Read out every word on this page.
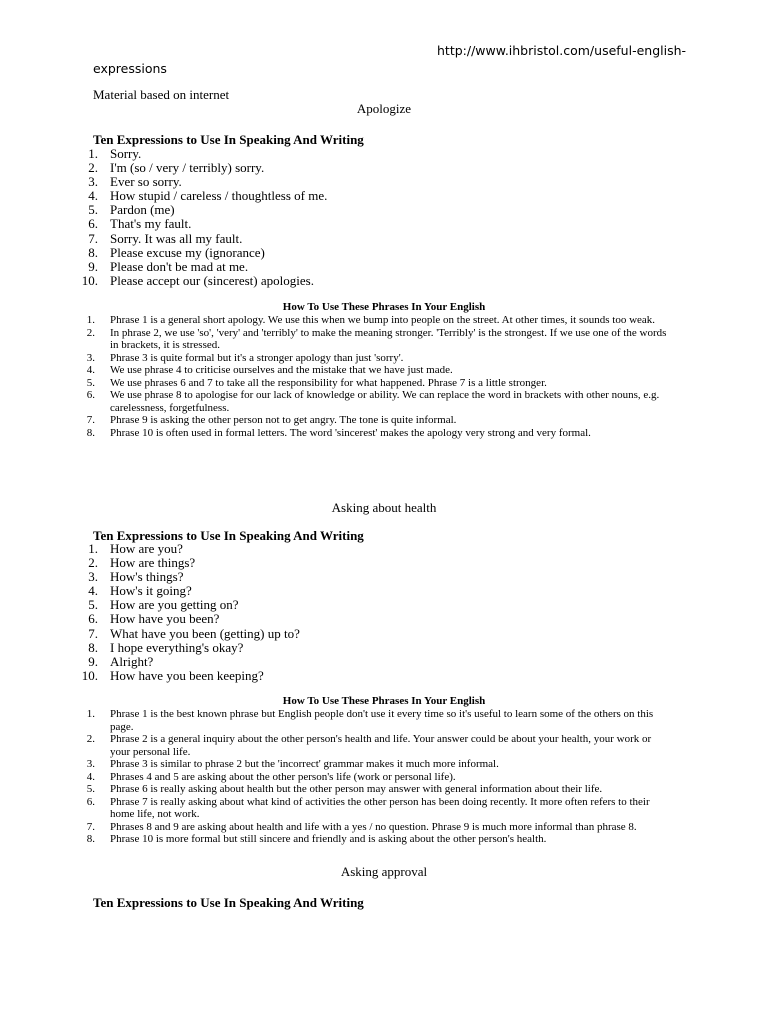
http://www.ihbristol.com/useful-english-

expressions

Material based on internet

Apologize

Ten Expressions to Use In Speaking And Writing

1. Sorry.
2. I'm (so / very / terribly) sorry.
3. Ever so sorry.
4. How stupid / careless / thoughtless of me.
5. Pardon (me)
6. That's my fault.
7. Sorry. It was all my fault.
8. Please excuse my (ignorance)
9. Please don't be mad at me.
10. Please accept our (sincerest) apologies.

How To Use These Phrases In Your English

1. Phrase 1 is a general short apology. We use this when we bump into people on the street. At other times, it sounds too weak.
2. In phrase 2, we use 'so', 'very' and 'terribly' to make the meaning stronger. 'Terribly' is the strongest. If we use one of the words in brackets, it is stressed.
3. Phrase 3 is quite formal but it's a stronger apology than just 'sorry'.
4. We use phrase 4 to criticise ourselves and the mistake that we have just made.
5. We use phrases 6 and 7 to take all the responsibility for what happened. Phrase 7 is a little stronger.
6. We use phrase 8 to apologise for our lack of knowledge or ability. We can replace the word in brackets with other nouns, e.g. carelessness, forgetfulness.
7. Phrase 9 is asking the other person not to get angry. The tone is quite informal.
8. Phrase 10 is often used in formal letters. The word 'sincerest' makes the apology very strong and very formal.

Asking about health

Ten Expressions to Use In Speaking And Writing

1. How are you?
2. How are things?
3. How's things?
4. How's it going?
5. How are you getting on?
6. How have you been?
7. What have you been (getting) up to?
8. I hope everything's okay?
9. Alright?
10. How have you been keeping?

How To Use These Phrases In Your English

1. Phrase 1 is the best known phrase but English people don't use it every time so it's useful to learn some of the others on this page.
2. Phrase 2 is a general inquiry about the other person's health and life. Your answer could be about your health, your work or your personal life.
3. Phrase 3 is similar to phrase 2 but the 'incorrect' grammar makes it much more informal.
4. Phrases 4 and 5 are asking about the other person's life (work or personal life).
5. Phrase 6 is really asking about health but the other person may answer with general information about their life.
6. Phrase 7 is really asking about what kind of activities the other person has been doing recently. It more often refers to their home life, not work.
7. Phrases 8 and 9 are asking about health and life with a yes / no question. Phrase 9 is much more informal than phrase 8.
8. Phrase 10 is more formal but still sincere and friendly and is asking about the other person's health.

Asking approval

Ten Expressions to Use In Speaking And Writing
